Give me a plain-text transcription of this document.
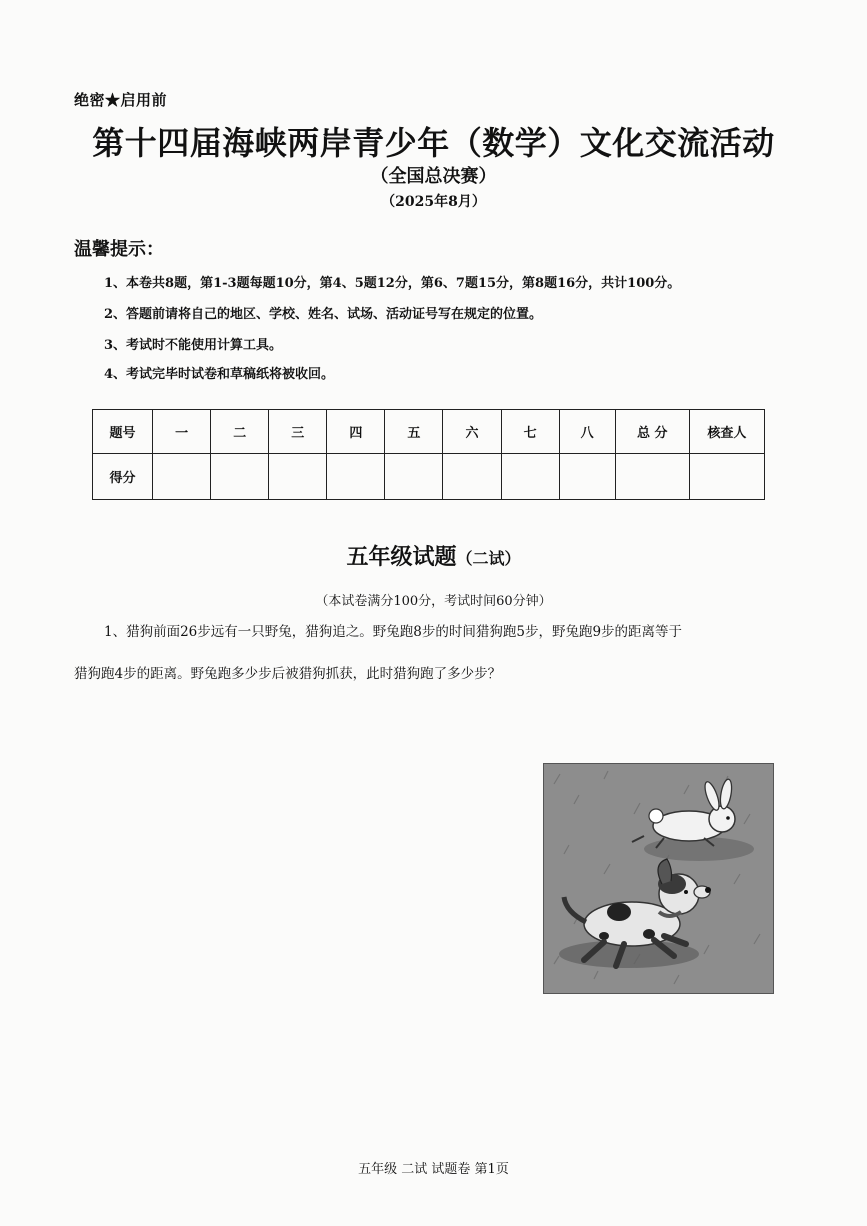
绝密★启用前
第十四届海峡两岸青少年（数学）文化交流活动
（全国总决赛）
（2025年8月）
温馨提示：
1、本卷共8题，第1-3题每题10分，第4、5题12分，第6、7题15分，第8题16分，共计100分。
2、答题前请将自己的地区、学校、姓名、试场、活动证号写在规定的位置。
3、考试时不能使用计算工具。
4、考试完毕时试卷和草稿纸将被收回。
题号	一	二	三	四	五	六	七	八	总 分	核查人
得分										
五年级试题（二试）
（本试卷满分100分，考试时间60分钟）
1、猎狗前面26步远有一只野兔，猎狗追之。野兔跑8步的时间猎狗跑5步，野兔跑9步的距离等于
猎狗跑4步的距离。野兔跑多少步后被猎狗抓获，此时猎狗跑了多少步？
五年级 二试 试题卷 第1页
